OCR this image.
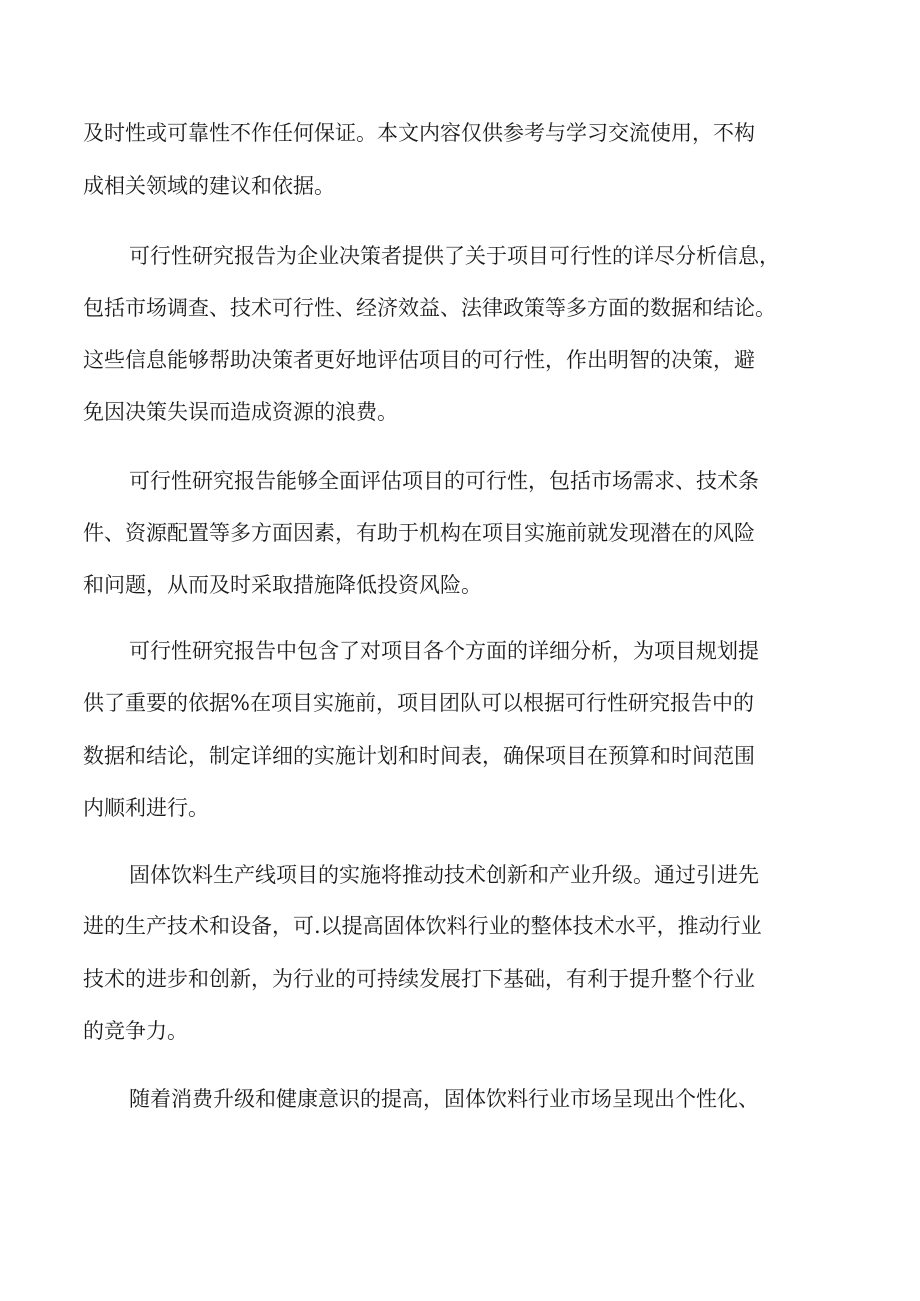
及时性或可靠性不作任何保证。本文内容仅供参考与学习交流使用，不构

成相关领域的建议和依据。

可行性研究报告为企业决策者提供了关于项目可行性的详尽分析信息，

包括市场调查、技术可行性、经济效益、法律政策等多方面的数据和结论。

这些信息能够帮助决策者更好地评估项目的可行性，作出明智的决策，避

免因决策失误而造成资源的浪费。

可行性研究报告能够全面评估项目的可行性，包括市场需求、技术条

件、资源配置等多方面因素，有助于机构在项目实施前就发现潜在的风险

和问题，从而及时采取措施降低投资风险。

可行性研究报告中包含了对项目各个方面的详细分析，为项目规划提

供了重要的依据%在项目实施前，项目团队可以根据可行性研究报告中的

数据和结论，制定详细的实施计划和时间表，确保项目在预算和时间范围

内顺利进行。

固体饮料生产线项目的实施将推动技术创新和产业升级。通过引进先

进的生产技术和设备，可.以提高固体饮料行业的整体技术水平，推动行业

技术的进步和创新，为行业的可持续发展打下基础，有利于提升整个行业

的竞争力。

随着消费升级和健康意识的提高，固体饮料行业市场呈现出个性化、
